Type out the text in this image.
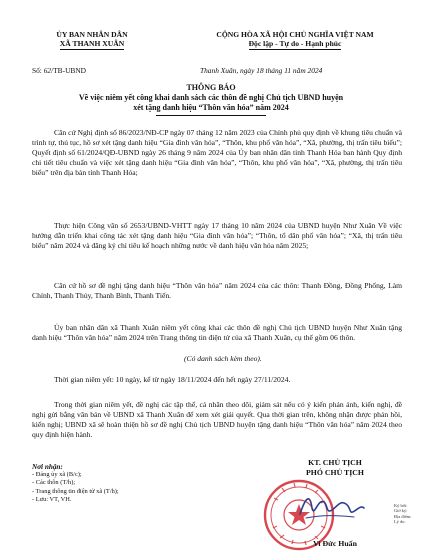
ỦY BAN NHÂN DÂN
XÃ THANH XUÂN
CỘNG HÒA XÃ HỘI CHỦ NGHĨA VIỆT NAM
Độc lập - Tự do - Hạnh phúc
Số: 62/TB-UBND	Thanh Xuân, ngày 18 tháng 11 năm 2024
THÔNG BÁO
Về việc niêm yết công khai danh sách các thôn đề nghị Chủ tịch UBND huyện
xét tặng danh hiệu “Thôn văn hóa” năm 2024
Căn cứ Nghị định số 86/2023/NĐ-CP ngày 07 tháng 12 năm 2023 của Chính phủ quy định về khung tiêu chuẩn và trình tự, thủ tục, hồ sơ xét tặng danh hiệu “Gia đình văn hóa”, “Thôn, khu phố văn hóa”, “Xã, phường, thị trấn tiêu biểu”; Quyết định số 61/2024/QĐ-UBND ngày 26 tháng 9 năm 2024 của Ủy ban nhân dân tỉnh Thanh Hóa ban hành Quy định chi tiết tiêu chuẩn và việc xét tặng danh hiệu “Gia đình văn hóa”, “Thôn, khu phố văn hóa”, “Xã, phường, thị trấn tiêu biểu” trên địa bàn tỉnh Thanh Hóa;
Thực hiện Công văn số 2653/UBND-VHTT ngày 17 tháng 10 năm 2024 của UBND huyện Như Xuân Về việc hướng dẫn triển khai công tác xét tặng danh hiệu “Gia đình văn hóa”; “Thôn, tổ dân phố văn hóa”; “Xã, thị trấn tiêu biểu” năm 2024 và đăng ký chỉ tiêu kế hoạch những nước về danh hiệu văn hóa năm 2025;
Căn cứ hồ sơ đề nghị tặng danh hiệu “Thôn văn hóa” năm 2024 của các thôn: Thanh Đồng, Đồng Phống, Làm Chính, Thanh Thủy, Thanh Bình, Thanh Tiến.
Ủy ban nhân dân xã Thanh Xuân niêm yết công khai các thôn đề nghị Chủ tịch UBND huyện Như Xuân tặng danh hiệu “Thôn văn hóa” năm 2024 trên Trang thông tin điện tử của xã Thanh Xuân, cụ thể gồm 06 thôn.
(Có danh sách kèm theo).
Thời gian niêm yết: 10 ngày, kể từ ngày 18/11/2024 đến hết ngày 27/11/2024.
Trong thời gian niêm yết, đề nghị các tập thể, cá nhân theo dõi, giám sát nếu có ý kiến phản ánh, kiến nghị, đề nghị gửi bằng văn bản về UBND xã Thanh Xuân để xem xét giải quyết. Qua thời gian trên, không nhận được phản hồi, kiến nghị; UBND xã sẽ hoàn thiện hồ sơ đề nghị Chủ tịch UBND huyện tặng danh hiệu “Thôn văn hóa” năm 2024 theo quy định hiện hành.
Nơi nhận:
- Đảng ủy xã (B/c);
- Các thôn (T/h);
- Trang thông tin điện tử xã (T/h);
- Lưu: VT, VH.
KT. CHỦ TỊCH
PHÓ CHỦ TỊCH
Vi Đức Huấn
Ký bởi:
Giờ ký:
Địa điểm:
Lý do:
